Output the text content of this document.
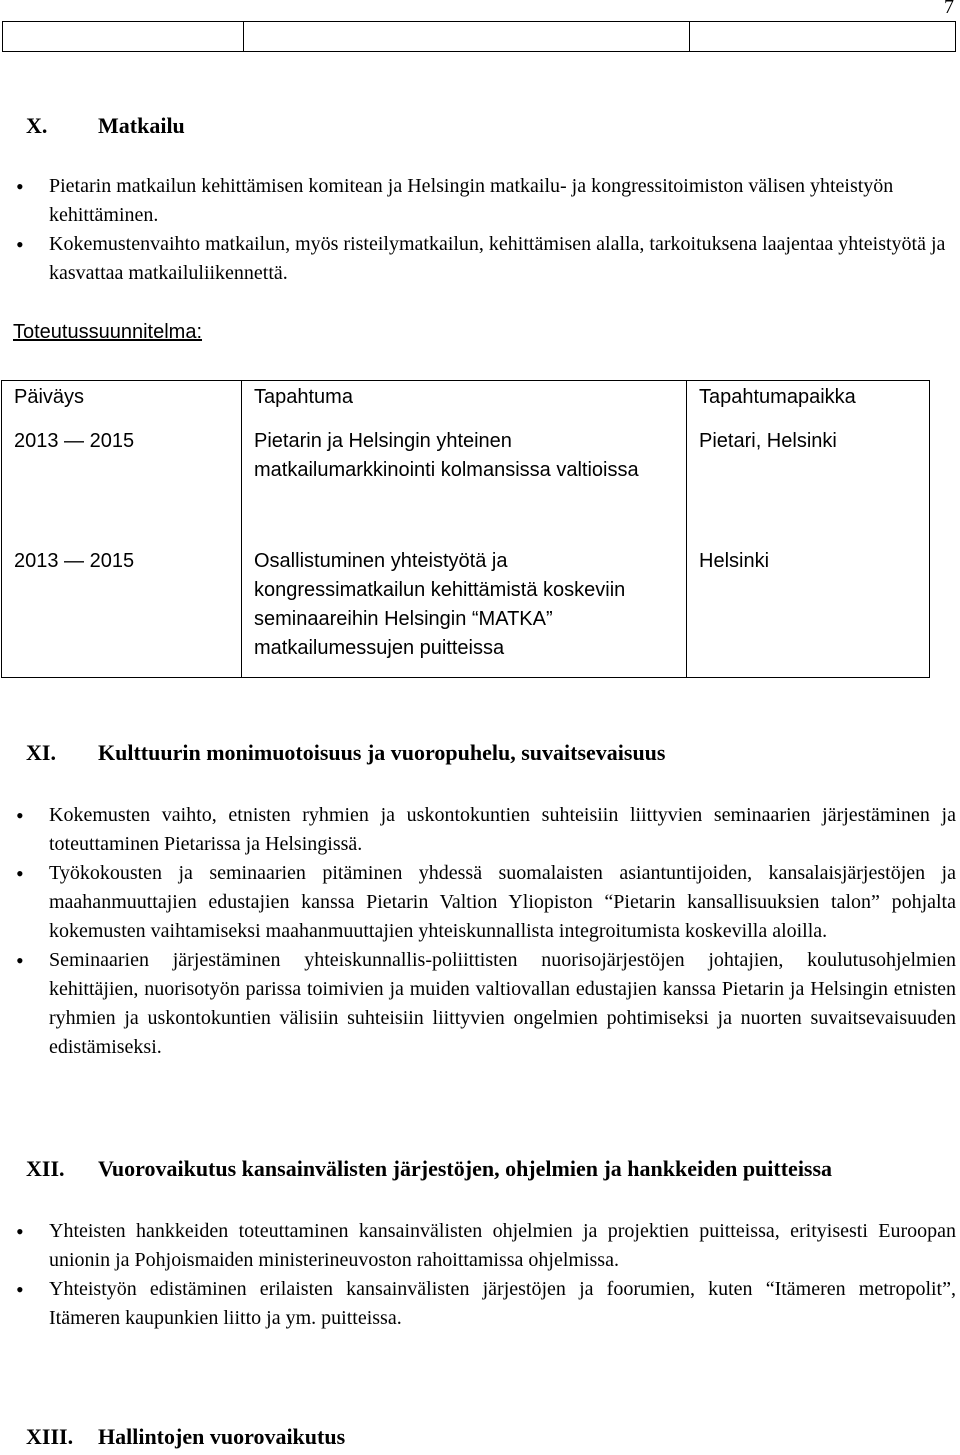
7
X. Matkailu
• Pietarin matkailun kehittämisen komitean ja Helsingin matkailu- ja kongressitoimiston välisen yhteistyön kehittäminen.
• Kokemustenvaihto matkailun, myös risteilymatkailun, kehittämisen alalla, tarkoituksena laajentaa yhteistyötä ja kasvattaa matkailuliikennettä.

Toteutussuunnitelma:

Päiväys	Tapahtuma	Tapahtumapaikka
2013 ― 2015	Pietarin ja Helsingin yhteinen matkailumarkkinointi kolmansissa valtioissa	Pietari, Helsinki
2013 ― 2015	Osallistuminen yhteistyötä ja kongressimatkailun kehittämistä koskeviin seminaareihin Helsingin “MATKA” matkailumessujen puitteissa	Helsinki
XI. Kulttuurin monimuotoisuus ja vuoropuhelu, suvaitsevaisuus
• Kokemusten vaihto, etnisten ryhmien ja uskontokuntien suhteisiin liittyvien seminaarien järjestäminen ja toteuttaminen Pietarissa ja Helsingissä.
• Työkokousten ja seminaarien pitäminen yhdessä suomalaisten asiantuntijoiden, kansalaisjärjestöjen ja maahanmuuttajien edustajien kanssa Pietarin Valtion Yliopiston “Pietarin kansallisuuksien talon” pohjalta kokemusten vaihtamiseksi maahanmuuttajien yhteiskunnallista integroitumista koskevilla aloilla.
• Seminaarien järjestäminen yhteiskunnallis-poliittisten nuorisojärjestöjen johtajien, koulutusohjelmien kehittäjien, nuorisotyön parissa toimivien ja muiden valtiovallan edustajien kanssa Pietarin ja Helsingin etnisten ryhmien ja uskontokuntien välisiin suhteisiin liittyvien ongelmien pohtimiseksi ja nuorten suvaitsevaisuuden edistämiseksi.
XII. Vuorovaikutus kansainvälisten järjestöjen, ohjelmien ja hankkeiden puitteissa
• Yhteisten hankkeiden toteuttaminen kansainvälisten ohjelmien ja projektien puitteissa, erityisesti Euroopan unionin ja Pohjoismaiden ministerineuvoston rahoittamissa ohjelmissa.
• Yhteistyön edistäminen erilaisten kansainvälisten järjestöjen ja foorumien, kuten “Itämeren metropolit”, Itämeren kaupunkien liitto ja ym. puitteissa.
XIII. Hallintojen vuorovaikutus
